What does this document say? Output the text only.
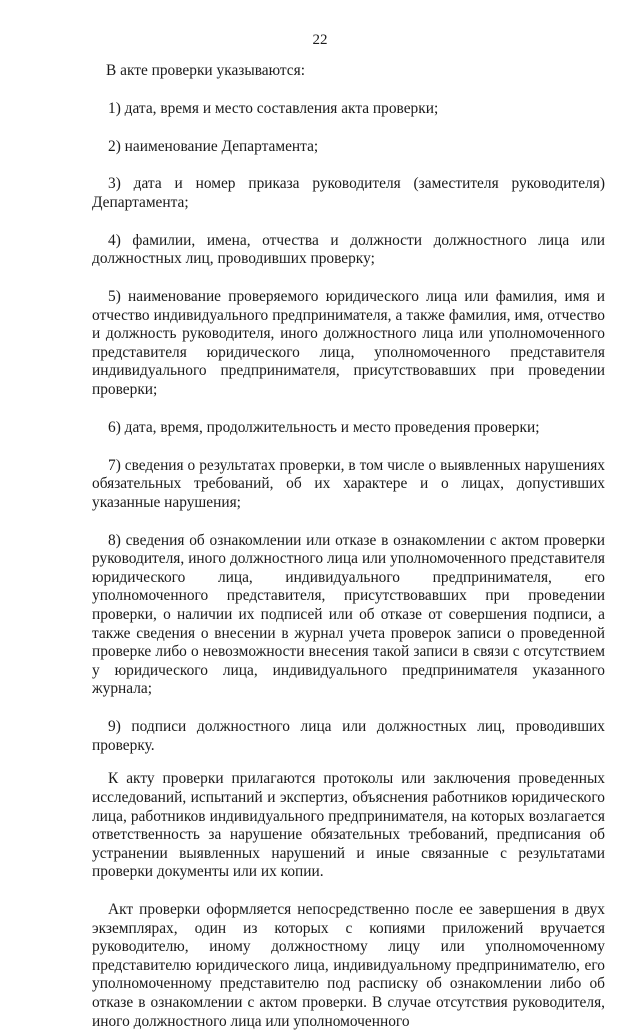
22

В акте проверки указываются:

1) дата, время и место составления акта проверки;

2) наименование Департамента;

3) дата и номер приказа руководителя (заместителя руководителя) Департамента;

4) фамилии, имена, отчества и должности должностного лица или должностных лиц, проводивших проверку;

5) наименование проверяемого юридического лица или фамилия, имя и отчество индивидуального предпринимателя, а также фамилия, имя, отчество и должность руководителя, иного должностного лица или уполномоченного представителя юридического лица, уполномоченного представителя индивидуального предпринимателя, присутствовавших при проведении проверки;

6) дата, время, продолжительность и место проведения проверки;

7) сведения о результатах проверки, в том числе о выявленных нарушениях обязательных требований, об их характере и о лицах, допустивших указанные нарушения;

8) сведения об ознакомлении или отказе в ознакомлении с актом проверки руководителя, иного должностного лица или уполномоченного представителя юридического лица, индивидуального предпринимателя, его уполномоченного представителя, присутствовавших при проведении проверки, о наличии их подписей или об отказе от совершения подписи, а также сведения о внесении в журнал учета проверок записи о проведенной проверке либо о невозможности внесения такой записи в связи с отсутствием у юридического лица, индивидуального предпринимателя указанного журнала;

9) подписи должностного лица или должностных лиц, проводивших проверку.

К акту проверки прилагаются протоколы или заключения проведенных исследований, испытаний и экспертиз, объяснения работников юридического лица, работников индивидуального предпринимателя, на которых возлагается ответственность за нарушение обязательных требований, предписания об устранении выявленных нарушений и иные связанные с результатами проверки документы или их копии.

Акт проверки оформляется непосредственно после ее завершения в двух экземплярах, один из которых с копиями приложений вручается руководителю, иному должностному лицу или уполномоченному представителю юридического лица, индивидуальному предпринимателю, его уполномоченному представителю под расписку об ознакомлении либо об отказе в ознакомлении с актом проверки. В случае отсутствия руководителя, иного должностного лица или уполномоченного
